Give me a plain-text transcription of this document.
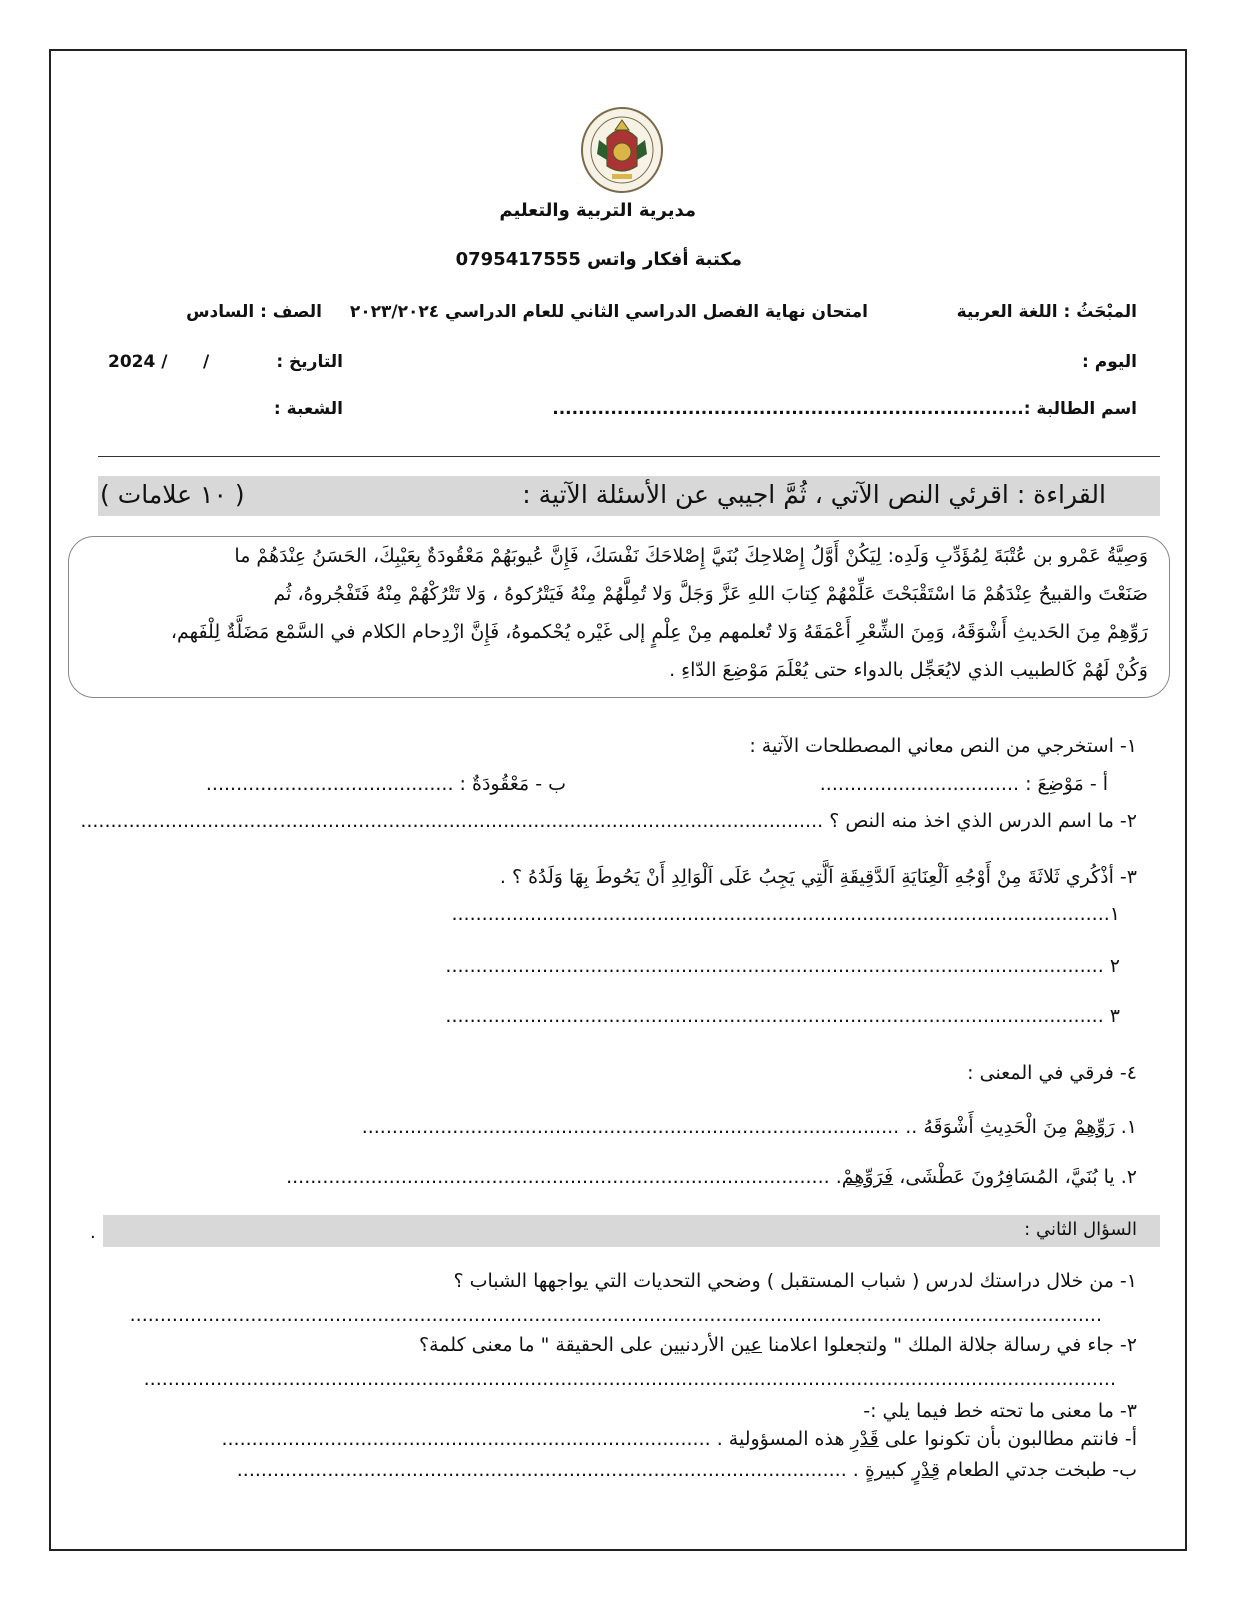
مديرية التربية والتعليم
مكتبة أفكار واتس 0795417555
المبْحَثُ : اللغة العربية
امتحان نهاية الفصل الدراسي الثاني للعام الدراسي ٢٠٢٣/٢٠٢٤
الصف : السادس
اليوم :
التاريخ :
2024 /      /
اسم الطالبة :.........................................................................
الشعبة :
القراءة : اقرئي النص الآتي ، ثُمَّ اجيبي عن الأسئلة الآتية :
( ١٠ علامات )
وَصِيَّةُ عَمْرو بن عُتْبَةَ لِمُؤَدِّبِ وَلَدِه: لِيَكُنْ أَوَّلُ إِصْلاحِكَ بُنَيَّ إِصْلاحَكَ نَفْسَكَ، فَإِنَّ عُيوبَهُمْ مَعْقُودَةٌ بِعَيْبِكَ، الحَسَنُ عِنْدَهُمْ ما
صَنَعْتَ والقبيحُ عِنْدَهُمْ مَا اسْتَقْبَحْتَ عَلِّمْهُمْ كِتابَ اللهِ عَزَّ وَجَلَّ وَلا تُمِلَّهُمْ مِنْهُ فَيَتْرُكوهُ ، وَلا تَتْرُكْهُمْ مِنْهُ فَتَفْجُروهُ، ثُم
رَوِّهِمْ مِنَ الحَديثِ أَشْوَقَهُ، وَمِنَ الشِّعْرِ أَعْمَقَهُ وَلا تُعلمهم مِنْ عِلْمٍ إلى غَيْره يُحْكموهُ، فَإِنَّ ازْدِحام الكلام في السَّمْع مَضَلَّةٌ لِلْفَهم،
وَكُنْ لَهُمْ كَالطبيب الذي لايُعَجِّل بالدواء حتى يُعْلَمَ مَوْضِعَ الدّاءِ .
١- استخرجي من النص معاني المصطلحات الآتية :
أ - مَوْضِعَ : .................................
ب - مَعْقُودَةٌ : .........................................
٢- ما اسم الدرس الذي اخذ منه النص ؟ ...........................................................................................................................
٣- أذْكُري ثَلاثَةَ مِنْ أَوْجُهِ اَلْعِنَايَةِ اَلدَّقِيقَةِ اَلَّتِي يَجِبُ عَلَى اَلْوَالِدِ أَنْ يَحُوطَ بِهَا وَلَدُهُ ؟ .
١.............................................................................................................
٢ .............................................................................................................
٣ .............................................................................................................
٤- فرقي في المعنى :
١. رَوِّهِمْ مِنَ الْحَدِيثِ أَشْوَقَهُ .. .........................................................................................
٢. يا بُنَيَّ، المُسَافِرُونَ عَطْشَى، فَرَوِّهِمْ. ..........................................................................................
السؤال الثاني :
.
١- من خلال دراستك لدرس ( شباب المستقبل ) وضحي التحديات التي يواجهها الشباب ؟
.................................................................................................................................................................
٢- جاء في رسالة جلالة الملك " ولتجعلوا اعلامنا عين الأردنيين على الحقيقة " ما معنى كلمة؟
.................................................................................................................................................................
٣- ما معنى ما تحته خط فيما يلي :-
أ- فانتم مطالبون بأن تكونوا على قَدْرِ هذه المسؤولية . .................................................................................
ب- طبخت جدتي الطعام قِدْرٍ كبيرةٍ . .....................................................................................................
